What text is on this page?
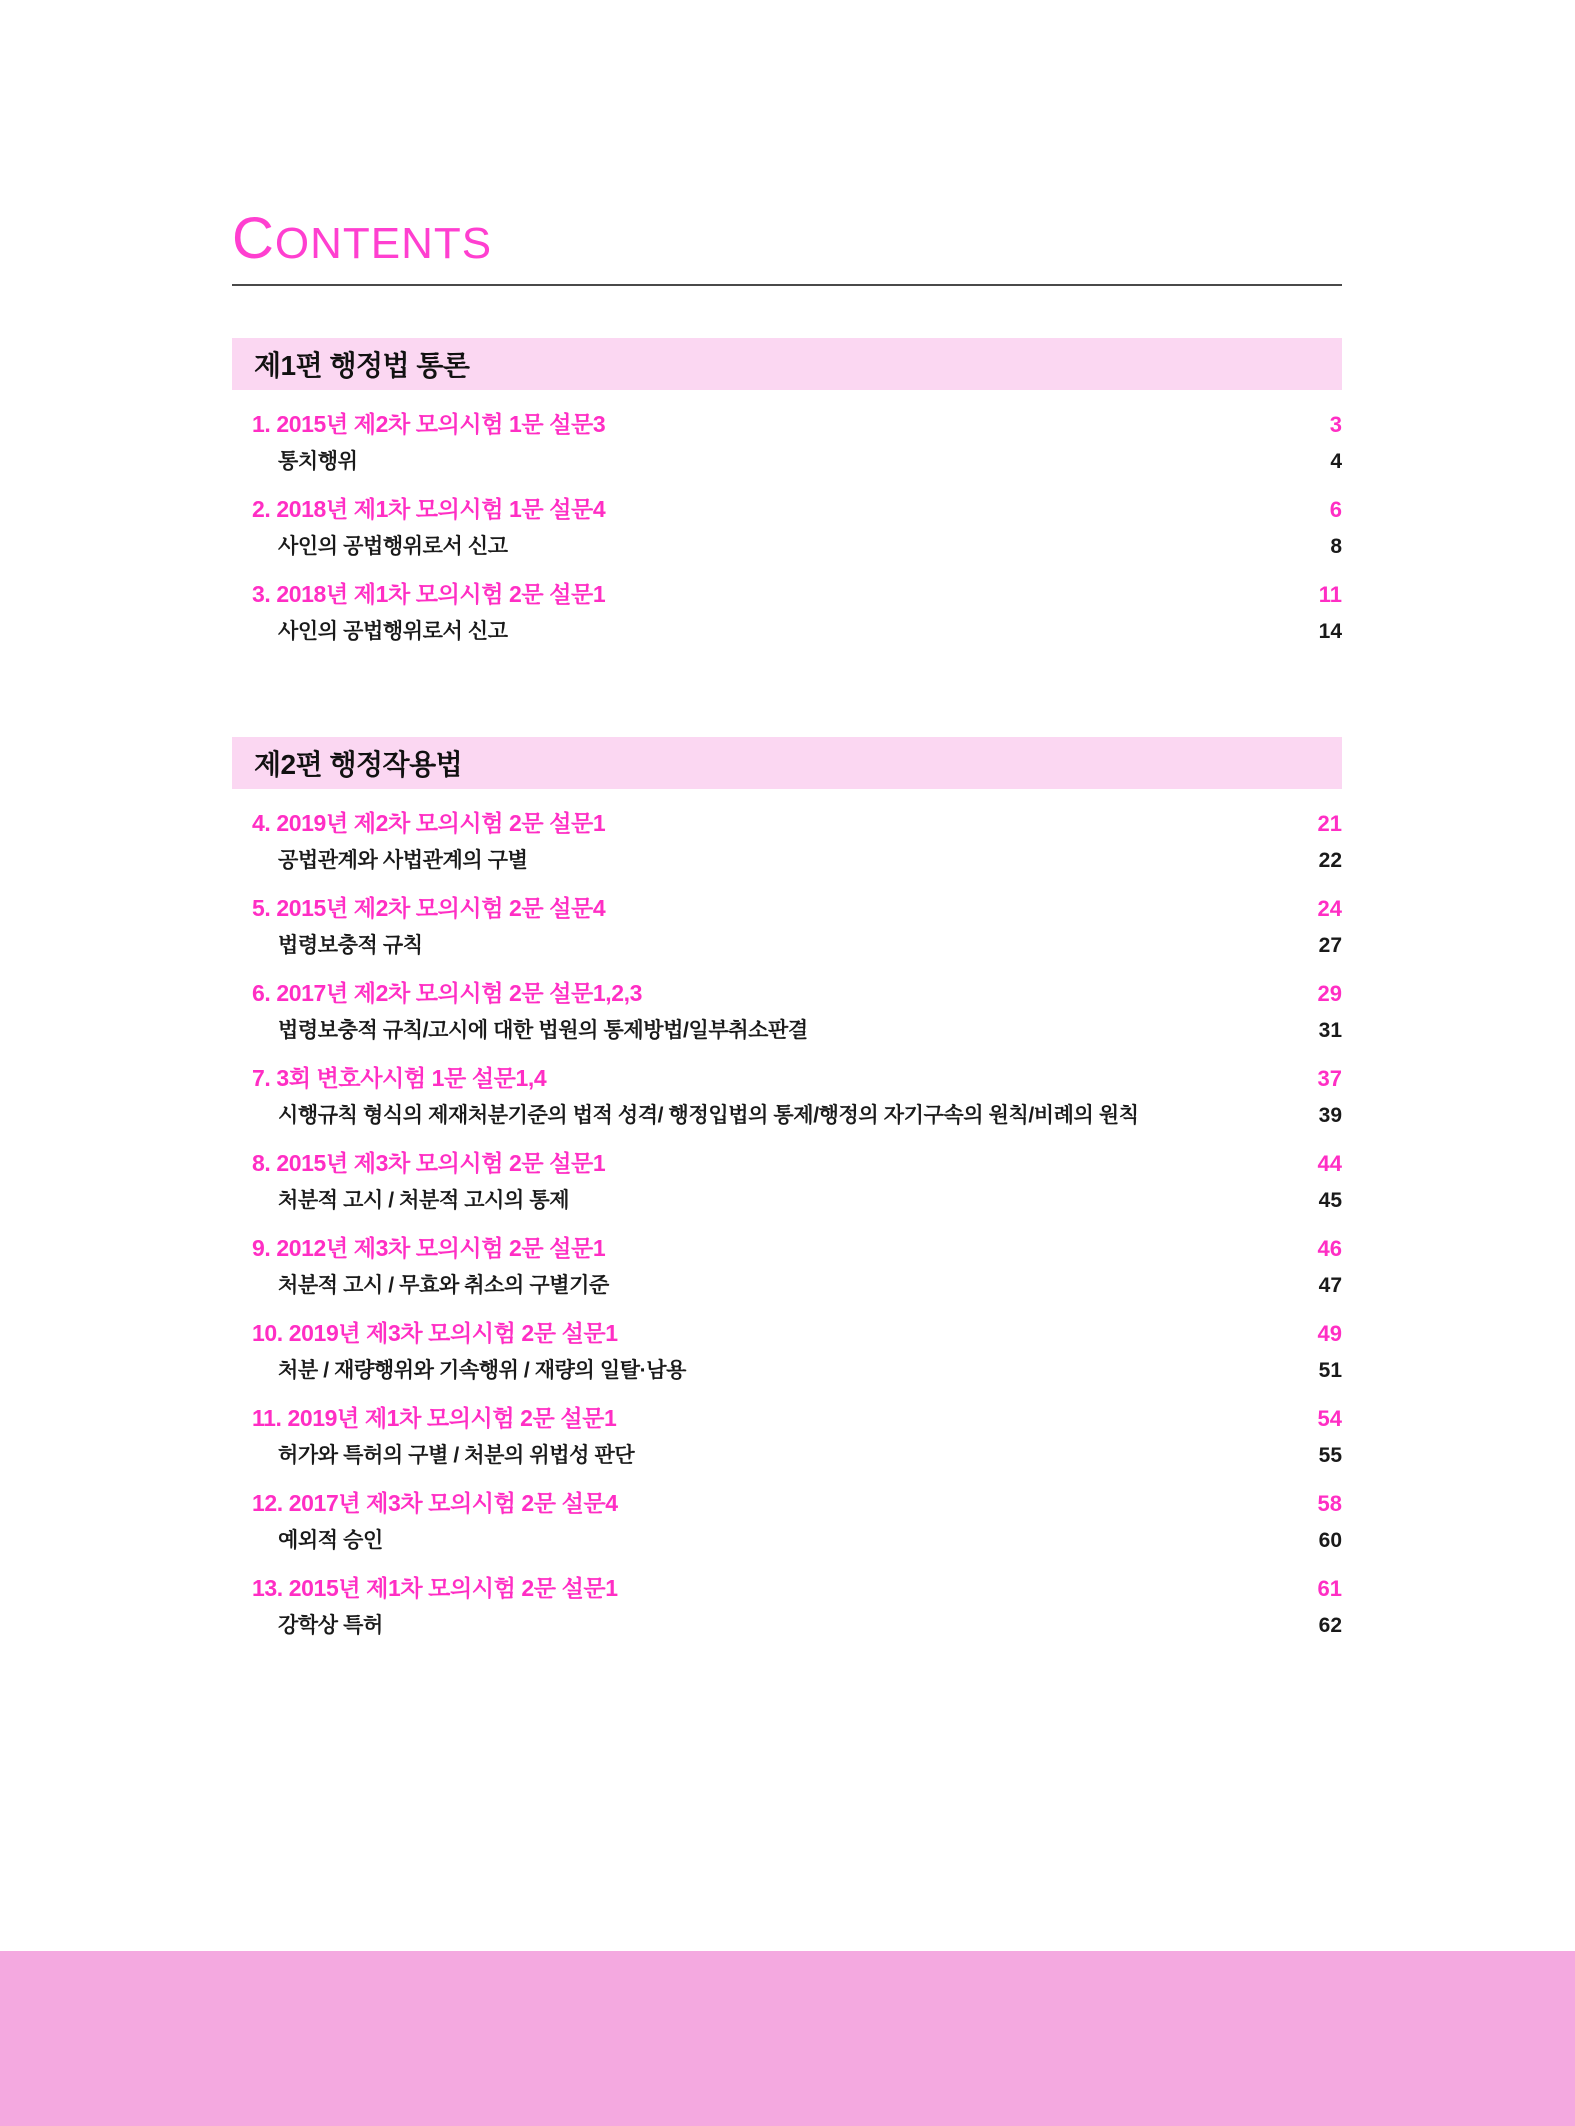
CONTENTS
제1편 행정법 통론
1. 2015년 제2차 모의시험 1문 설문3	3
통치행위	4
2. 2018년 제1차 모의시험 1문 설문4	6
사인의 공법행위로서 신고	8
3. 2018년 제1차 모의시험 2문 설문1	11
사인의 공법행위로서 신고	14
제2편 행정작용법
4. 2019년 제2차 모의시험 2문 설문1	21
공법관계와 사법관계의 구별	22
5. 2015년 제2차 모의시험 2문 설문4	24
법령보충적 규칙	27
6. 2017년 제2차 모의시험 2문 설문1,2,3	29
법령보충적 규칙/고시에 대한 법원의 통제방법/일부취소판결	31
7. 3회 변호사시험 1문 설문1,4	37
시행규칙 형식의 제재처분기준의 법적 성격/ 행정입법의 통제/행정의 자기구속의 원칙/비례의 원칙	39
8. 2015년 제3차 모의시험 2문 설문1	44
처분적 고시 / 처분적 고시의 통제	45
9. 2012년 제3차 모의시험 2문 설문1	46
처분적 고시 / 무효와 취소의 구별기준	47
10. 2019년 제3차 모의시험 2문 설문1	49
처분 / 재량행위와 기속행위 / 재량의 일탈·남용	51
11. 2019년 제1차 모의시험 2문 설문1	54
허가와 특허의 구별 / 처분의 위법성 판단	55
12. 2017년 제3차 모의시험 2문 설문4	58
예외적 승인	60
13. 2015년 제1차 모의시험 2문 설문1	61
강학상 특허	62
